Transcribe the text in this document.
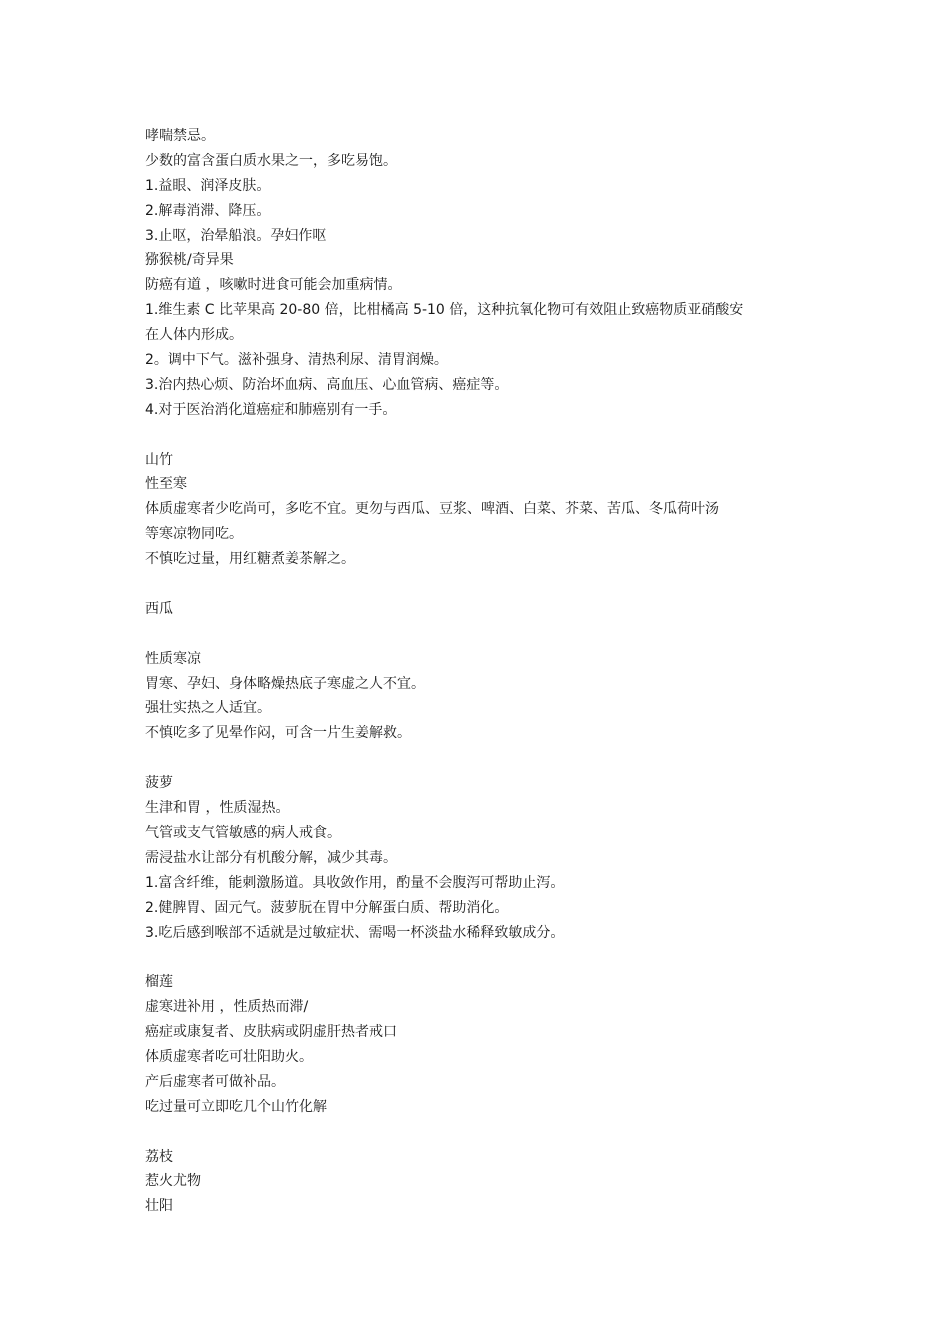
哮喘禁忌。
少数的富含蛋白质水果之一，多吃易饱。
1.益眼、润泽皮肤。
2.解毒消滞、降压。
3.止呕，治晕船浪。孕妇作呕
猕猴桃/奇异果
防癌有道 ，咳嗽时进食可能会加重病情。
1.维生素 C 比苹果高 20-80 倍，比柑橘高 5-10 倍，这种抗氧化物可有效阻止致癌物质亚硝酸安
在人体内形成。
2。调中下气。滋补强身、清热利尿、清胃润燥。
3.治内热心烦、防治坏血病、高血压、心血管病、癌症等。
4.对于医治消化道癌症和肺癌别有一手。
山竹
性至寒
体质虚寒者少吃尚可，多吃不宜。更勿与西瓜、豆浆、啤酒、白菜、芥菜、苦瓜、冬瓜荷叶汤
等寒凉物同吃。
不慎吃过量，用红糖煮姜茶解之。
西瓜
性质寒凉
胃寒、孕妇、身体略燥热底子寒虚之人不宜。
强壮实热之人适宜。
不慎吃多了见晕作闷，可含一片生姜解救。
菠萝
生津和胃 ，性质湿热。
气管或支气管敏感的病人戒食。
需浸盐水让部分有机酸分解，减少其毒。
1.富含纤维，能刺激肠道。具收敛作用，酌量不会腹泻可帮助止泻。
2.健脾胃、固元气。菠萝朊在胃中分解蛋白质、帮助消化。
3.吃后感到喉部不适就是过敏症状、需喝一杯淡盐水稀释致敏成分。
榴莲
虚寒进补用 ，性质热而滞/
癌症或康复者、皮肤病或阴虚肝热者戒口
体质虚寒者吃可壮阳助火。
产后虚寒者可做补品。
吃过量可立即吃几个山竹化解
荔枝
惹火尤物
壮阳
